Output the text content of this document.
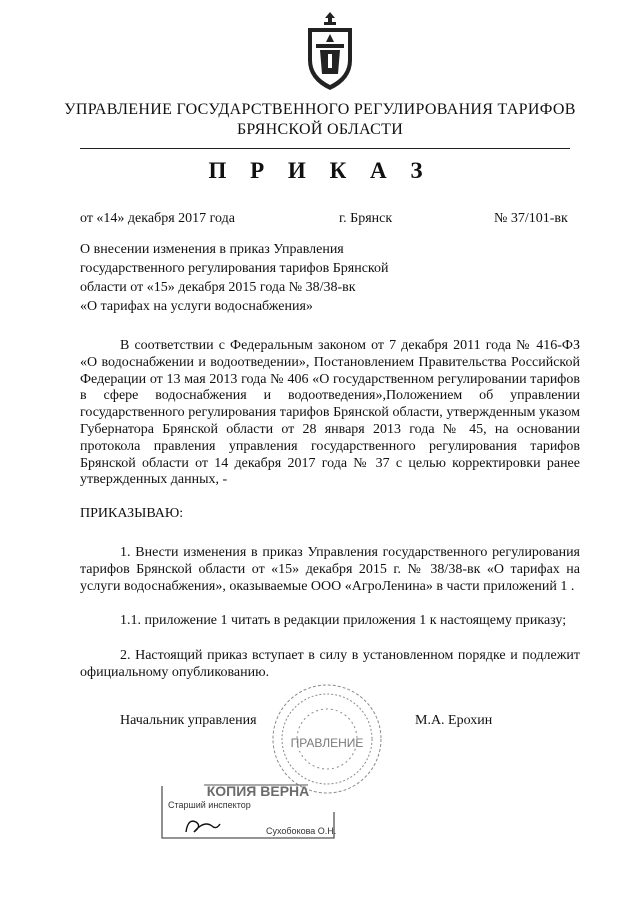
УПРАВЛЕНИЕ ГОСУДАРСТВЕННОГО РЕГУЛИРОВАНИЯ ТАРИФОВ
БРЯНСКОЙ ОБЛАСТИ
П Р И К А З
от «14» декабря 2017 года	г. Брянск	№ 37/101-вк
О внесении изменения в приказ Управления
государственного регулирования тарифов Брянской
области от «15» декабря 2015 года № 38/38-вк
«О тарифах на услуги водоснабжения»
В соответствии с Федеральным законом от 7 декабря 2011 года № 416-ФЗ «О водоснабжении и водоотведении», Постановлением Правительства Российской Федерации от 13 мая 2013 года № 406 «О государственном регулировании тарифов в сфере водоснабжения и водоотведения»,Положением об управлении государственного регулирования тарифов Брянской области, утвержденным указом Губернатора Брянской области от 28 января 2013 года № 45, на основании протокола правления управления государственного регулирования тарифов Брянской области от 14 декабря 2017 года № 37 с целью корректировки ранее утвержденных данных, -
ПРИКАЗЫВАЮ:
1. Внести изменения в приказ Управления государственного регулирования тарифов Брянской области от «15» декабря 2015 г. № 38/38-вк «О тарифах на услуги водоснабжения», оказываемые ООО «АгроЛенина» в части приложений 1 .
1.1. приложение 1 читать в редакции приложения 1 к настоящему приказу;
2. Настоящий приказ вступает в силу в установленном порядке и подлежит официальному опубликованию.
Начальник управления	М.А. Ерохин
ПРАВЛЕНИЕ
КОПИЯ ВЕРНА
Старший инспектор
Сухобокова О.Н.
